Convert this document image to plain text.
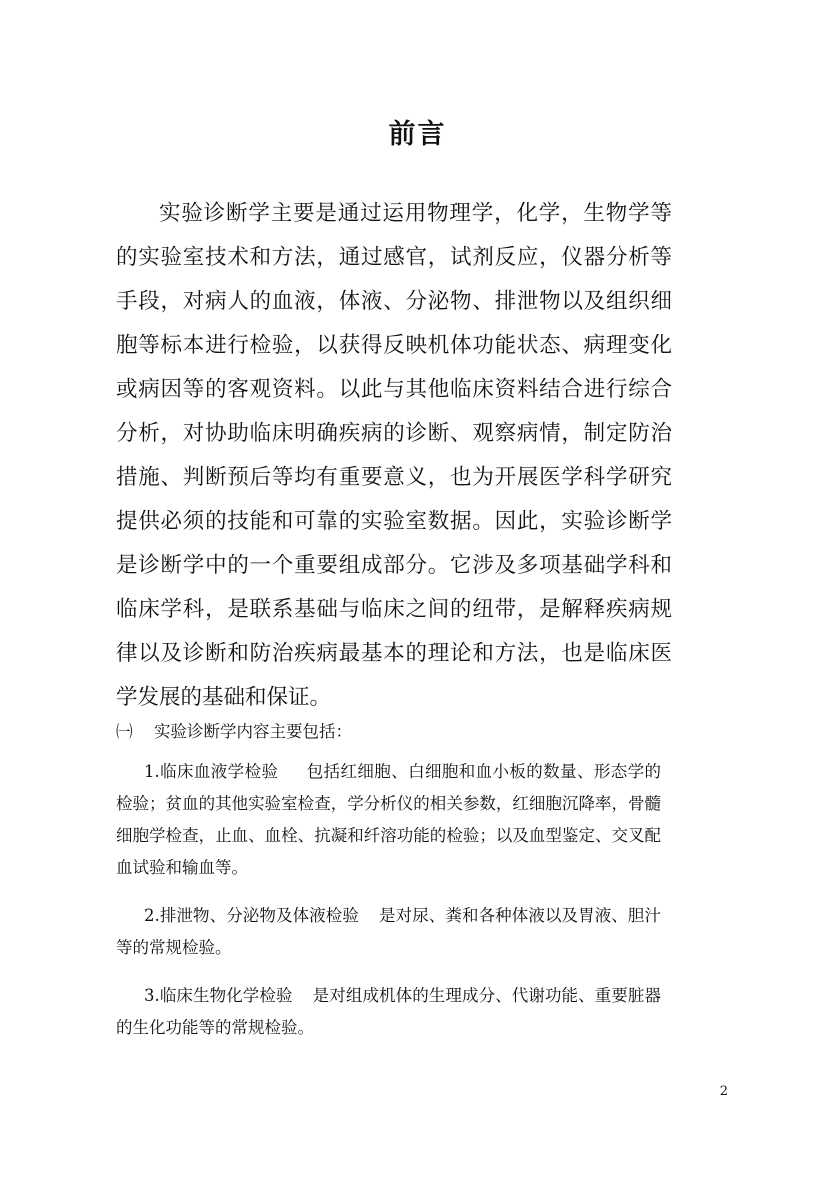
前言

实验诊断学主要是通过运用物理学，化学，生物学等的实验室技术和方法，通过感官，试剂反应，仪器分析等手段，对病人的血液，体液、分泌物、排泄物以及组织细胞等标本进行检验，以获得反映机体功能状态、病理变化或病因等的客观资料。以此与其他临床资料结合进行综合分析，对协助临床明确疾病的诊断、观察病情，制定防治措施、判断预后等均有重要意义，也为开展医学科学研究提供必须的技能和可靠的实验室数据。因此，实验诊断学是诊断学中的一个重要组成部分。它涉及多项基础学科和临床学科，是联系基础与临床之间的纽带，是解释疾病规律以及诊断和防治疾病最基本的理论和方法，也是临床医学发展的基础和保证。

㈠ 实验诊断学内容主要包括：

1.临床血液学检验 包括红细胞、白细胞和血小板的数量、形态学的检验；贫血的其他实验室检查，学分析仪的相关参数，红细胞沉降率，骨髓细胞学检查，止血、血栓、抗凝和纤溶功能的检验；以及血型鉴定、交叉配血试验和输血等。

2.排泄物、分泌物及体液检验 是对尿、粪和各种体液以及胃液、胆汁等的常规检验。

3.临床生物化学检验 是对组成机体的生理成分、代谢功能、重要脏器的生化功能等的常规检验。

2
